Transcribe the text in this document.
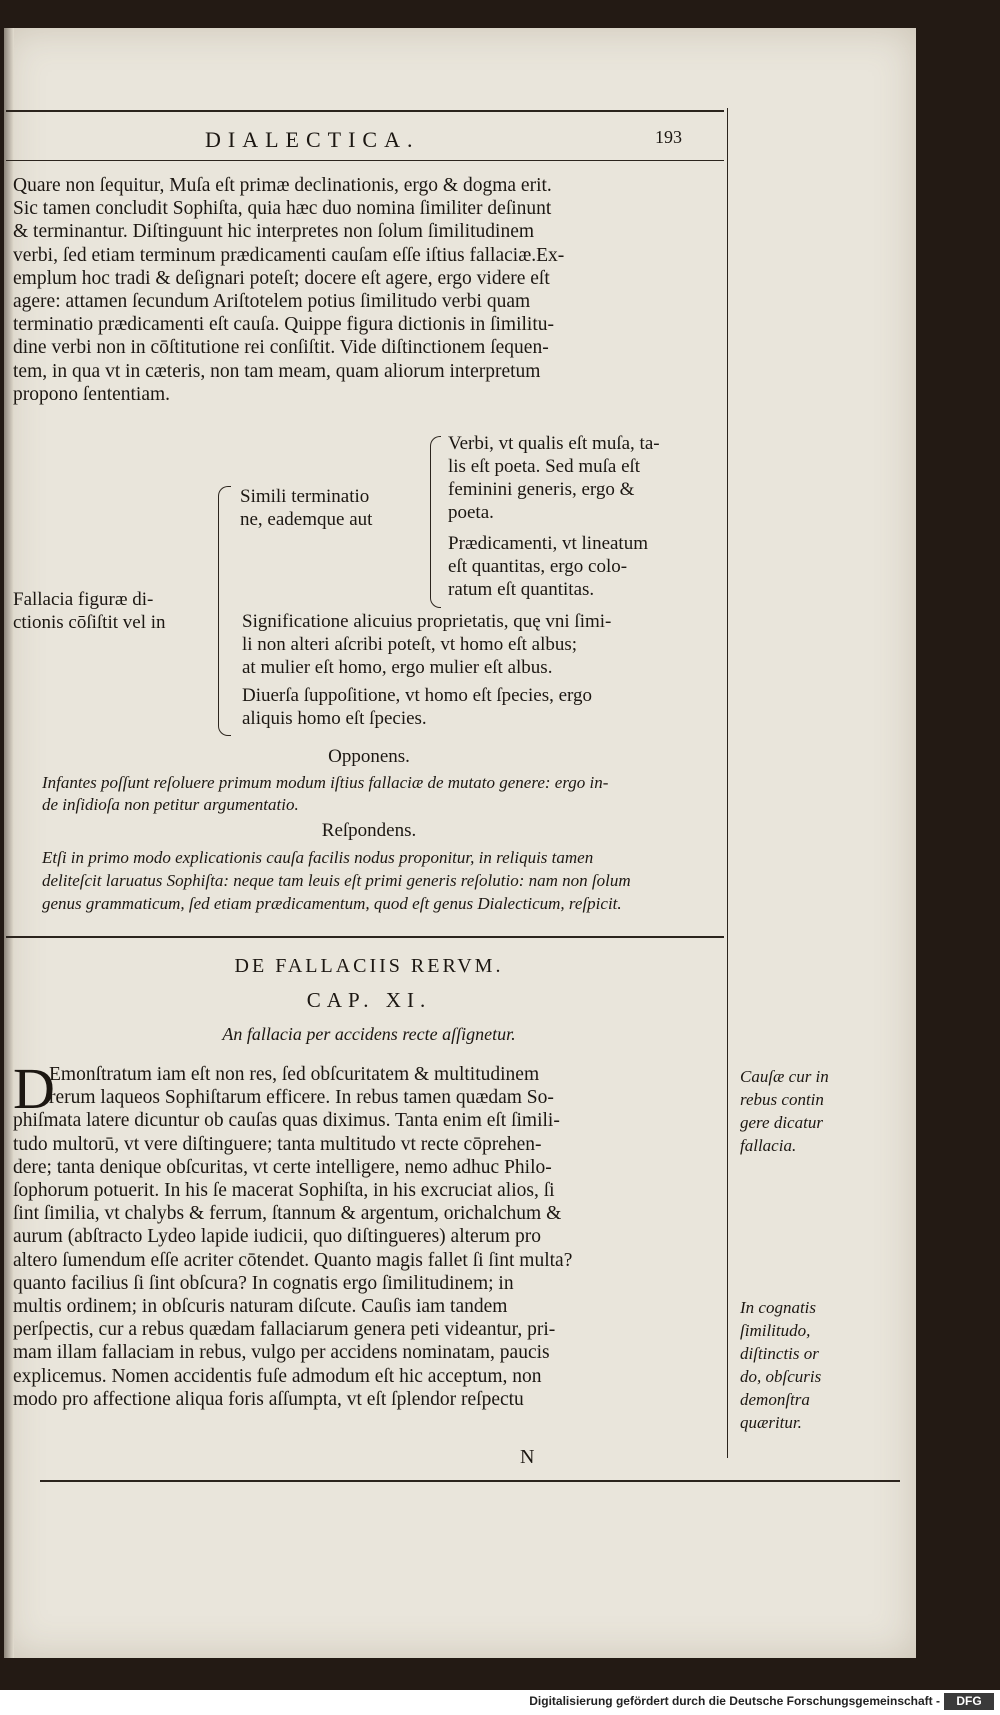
DIALECTICA.	193
Quare non ſequitur, Muſa eſt primæ declinationis, ergo & dogma erit.
Sic tamen concludit Sophiſta, quia hæc duo nomina ſimiliter deſinunt
& terminantur. Diſtinguunt hic interpretes non ſolum ſimilitudinem
verbi, ſed etiam terminum prædicamenti cauſam eſſe iſtius fallaciæ.Ex-
emplum hoc tradi & deſignari poteſt; docere eſt agere, ergo videre eſt
agere: attamen ſecundum Ariſtotelem potius ſimilitudo verbi quam
terminatio prædicamenti eſt cauſa. Quippe figura dictionis in ſimilitu-
dine verbi non in cōſtitutione rei conſiſtit. Vide diſtinctionem ſequen-
tem, in qua vt in cæteris, non tam meam, quam aliorum interpretum
propono ſententiam.
Fallacia figuræ di-
ctionis cōſiſtit vel in
Simili terminatio
ne, eademque aut
Verbi, vt qualis eſt muſa, ta-
lis eſt poeta. Sed muſa eſt
feminini generis, ergo &
poeta.
Prædicamenti, vt lineatum
eſt quantitas, ergo colo-
ratum eſt quantitas.
Significatione alicuius proprietatis, quę vni ſimi-
li non alteri aſcribi poteſt, vt homo eſt albus;
at mulier eſt homo, ergo mulier eſt albus.
Diuerſa ſuppoſitione, vt homo eſt ſpecies, ergo
aliquis homo eſt ſpecies.
Opponens.
Infantes poſſunt reſoluere primum modum iſtius fallaciæ de mutato genere: ergo in-
de inſidioſa non petitur argumentatio.
Reſpondens.
Etſi in primo modo explicationis cauſa facilis nodus proponitur, in reliquis tamen
delitеſcit laruatus Sophiſta: neque tam leuis eſt primi generis reſolutio: nam non ſolum
genus grammaticum, ſed etiam prædicamentum, quod eſt genus Dialecticum, reſpicit.
DE FALLACIIS RERVM.
CAP. XI.
An fallacia per accidens recte aſſignetur.
D
Emonſtratum iam eſt non res, ſed obſcuritatem & multitudinem
rerum laqueos Sophiſtarum efficere. In rebus tamen quædam So-
phiſmata latere dicuntur ob cauſas quas diximus. Tanta enim eſt ſimili-
tudo multorū, vt vere diſtinguere; tanta multitudo vt recte cōprehen-
dere; tanta denique obſcuritas, vt certe intelligere, nemo adhuc Philo-
ſophorum potuerit. In his ſe macerat Sophiſta, in his excruciat alios, ſi
ſint ſimilia, vt chalybs & ferrum, ſtannum & argentum, orichalchum &
aurum (abſtracto Lydeo lapide iudicii, quo diſtingueres) alterum pro
altero ſumendum eſſe acriter cōtendet. Quanto magis fallet ſi ſint multa?
quanto facilius ſi ſint obſcura? In cognatis ergo ſimilitudinem; in
multis ordinem; in obſcuris naturam diſcute. Cauſis iam tandem
perſpectis, cur a rebus quædam fallaciarum genera peti videantur, pri-
mam illam fallaciam in rebus, vulgo per accidens nominatam, paucis
explicemus. Nomen accidentis fuſe admodum eſt hic acceptum, non
modo pro affectione aliqua foris aſſumpta, vt eſt ſplendor reſpectu
N
Cauſæ cur in
rebus contin
gere dicatur
fallacia.
In cognatis
ſimilitudo,
diſtinctis or
do, obſcuris
demonſtra
quæritur.
Digitalisierung gefördert durch die Deutsche Forschungsgemeinschaft -	DFG
